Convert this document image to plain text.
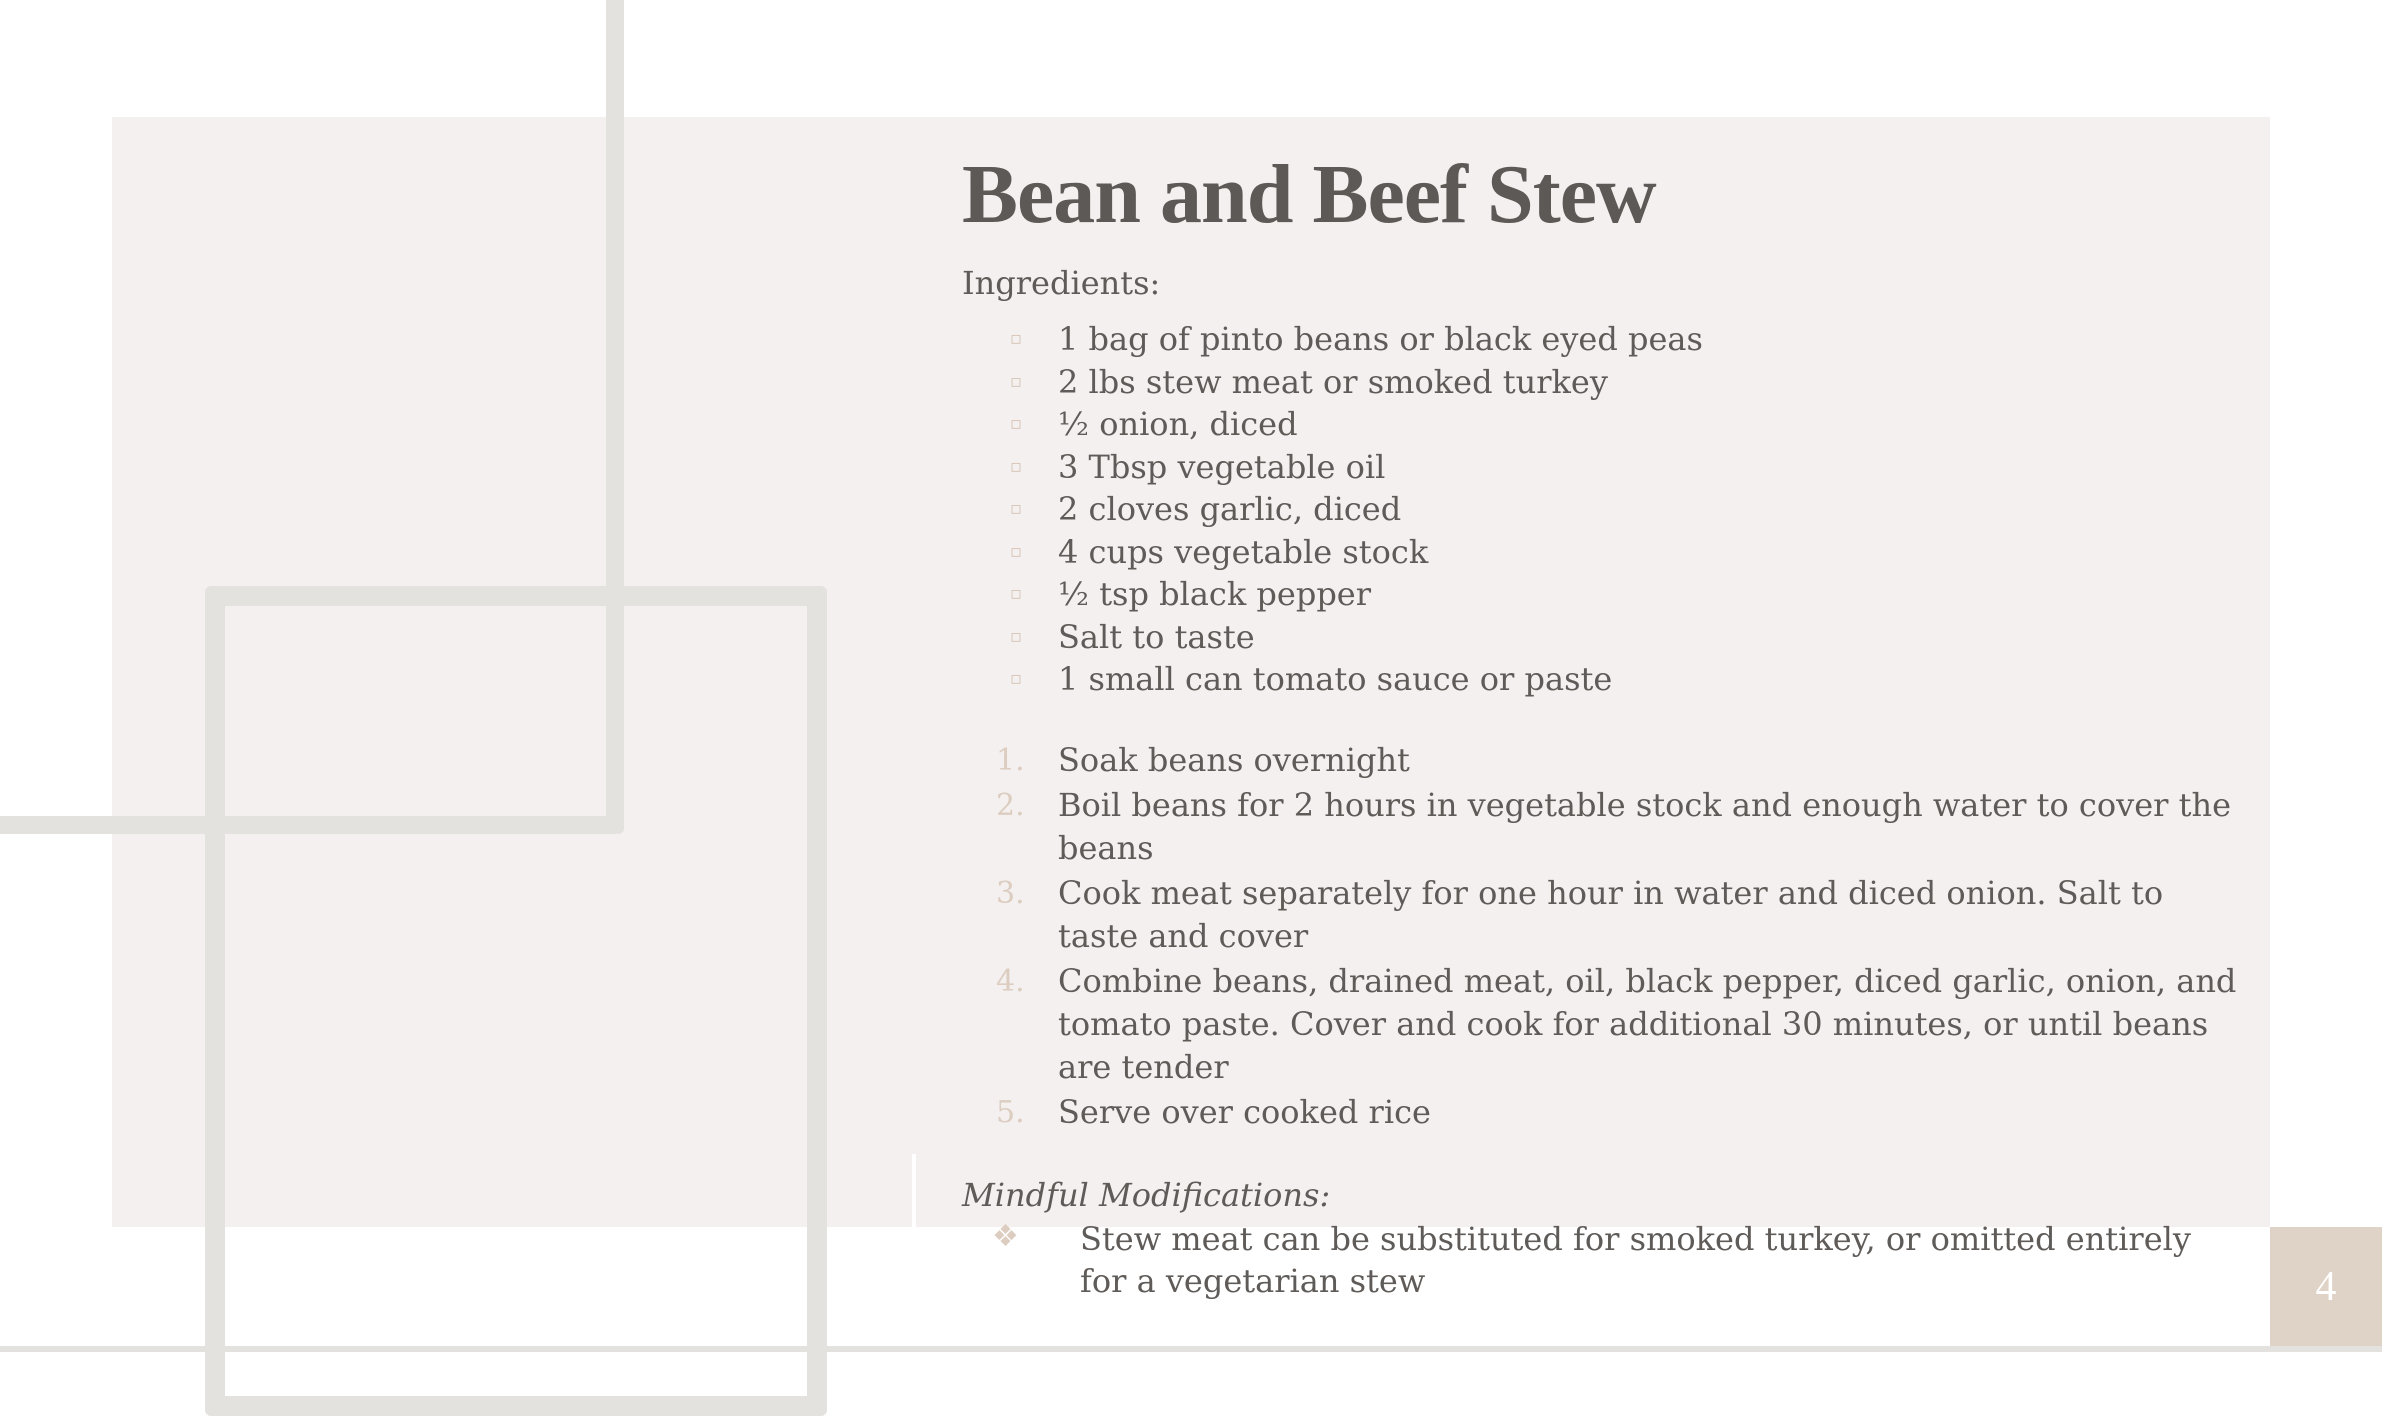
Bean and Beef Stew

Ingredients:

▫ 1 bag of pinto beans or black eyed peas
▫ 2 lbs stew meat or smoked turkey
▫ ½ onion, diced
▫ 3 Tbsp vegetable oil
▫ 2 cloves garlic, diced
▫ 4 cups vegetable stock
▫ ½ tsp black pepper
▫ Salt to taste
▫ 1 small can tomato sauce or paste
1. Soak beans overnight
2. Boil beans for 2 hours in vegetable stock and enough water to cover the beans
3. Cook meat separately for one hour in water and diced onion. Salt to taste and cover
4. Combine beans, drained meat, oil, black pepper, diced garlic, onion, and tomato paste. Cover and cook for additional 30 minutes, or until beans are tender
5. Serve over cooked rice

Mindful Modifications:

❖ Stew meat can be substituted for smoked turkey, or omitted entirely for a vegetarian stew	4
